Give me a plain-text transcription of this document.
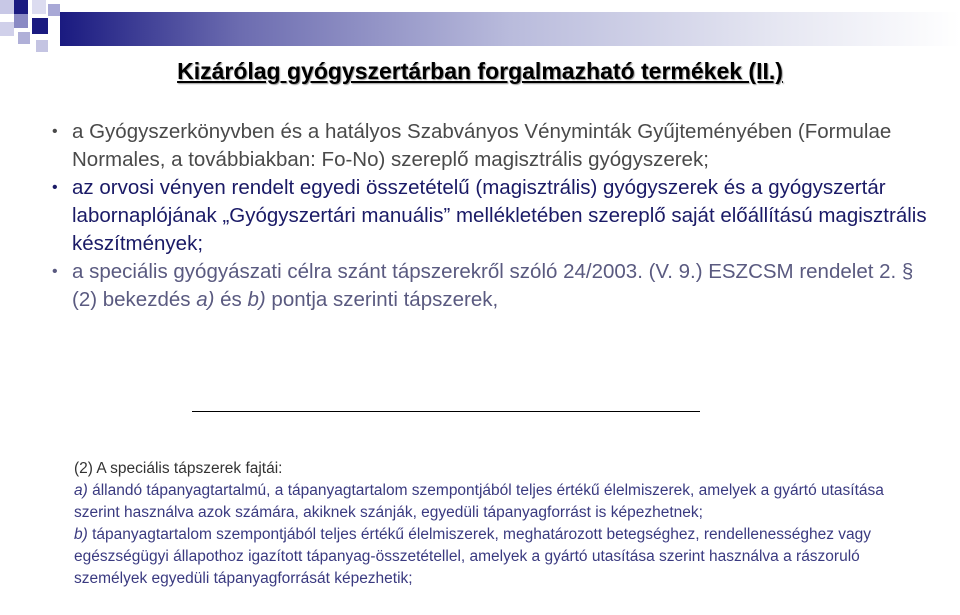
Kizárólag gyógyszertárban forgalmazható termékek (II.)
• a Gyógyszerkönyvben és a hatályos Szabványos Vényminták Gyűjteményében (Formulae Normales, a továbbiakban: Fo-No) szereplő magisztrális gyógyszerek;
• az orvosi vényen rendelt egyedi összetételű (magisztrális) gyógyszerek és a gyógyszertár labornaplójának „Gyógyszertári manuális” mellékletében szereplő saját előállítású magisztrális készítmények;
• a speciális gyógyászati célra szánt tápszerekről szóló 24/2003. (V. 9.) ESZCSM rendelet 2. § (2) bekezdés a) és b) pontja szerinti tápszerek,

(2) A speciális tápszerek fajtái:

a) állandó tápanyagtartalmú, a tápanyagtartalom szempontjából teljes értékű élelmiszerek, amelyek a gyártó utasítása szerint használva azok számára, akiknek szánják, egyedüli tápanyagforrást is képezhetnek;

b) tápanyagtartalom szempontjából teljes értékű élelmiszerek, meghatározott betegséghez, rendellenességhez vagy egészségügyi állapothoz igazított tápanyag-összetétellel, amelyek a gyártó utasítása szerint használva a rászoruló személyek egyedüli tápanyagforrását képezhetik;
